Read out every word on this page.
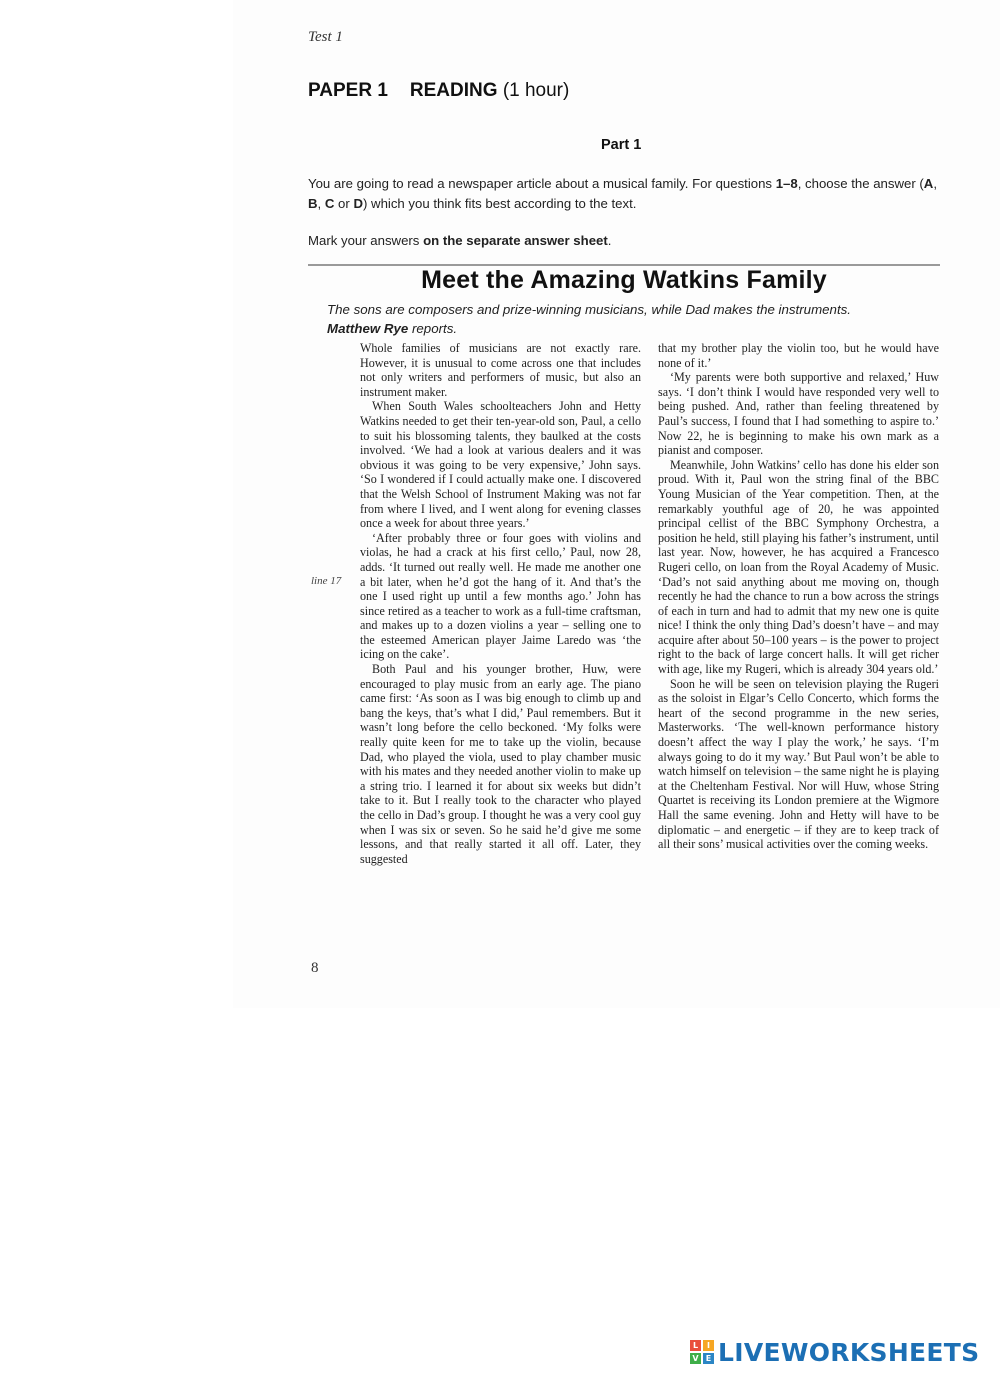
Test 1
PAPER 1 READING (1 hour)
Part 1
You are going to read a newspaper article about a musical family. For questions 1–8, choose the answer (A, B, C or D) which you think fits best according to the text.
Mark your answers on the separate answer sheet.
Meet the Amazing Watkins Family
The sons are composers and prize-winning musicians, while Dad makes the instruments.
Matthew Rye reports.
line 17

Whole families of musicians are not exactly rare. However, it is unusual to come across one that includes not only writers and performers of music, but also an instrument maker.

When South Wales schoolteachers John and Hetty Watkins needed to get their ten-year-old son, Paul, a cello to suit his blossoming talents, they baulked at the costs involved. ‘We had a look at various dealers and it was obvious it was going to be very expensive,’ John says. ‘So I wondered if I could actually make one. I discovered that the Welsh School of Instrument Making was not far from where I lived, and I went along for evening classes once a week for about three years.’

‘After probably three or four goes with violins and violas, he had a crack at his first cello,’ Paul, now 28, adds. ‘It turned out really well. He made me another one a bit later, when he’d got the hang of it. And that’s the one I used right up until a few months ago.’ John has since retired as a teacher to work as a full-time craftsman, and makes up to a dozen violins a year – selling one to the esteemed American player Jaime Laredo was ‘the icing on the cake’.

Both Paul and his younger brother, Huw, were encouraged to play music from an early age. The piano came first: ‘As soon as I was big enough to climb up and bang the keys, that’s what I did,’ Paul remembers. But it wasn’t long before the cello beckoned. ‘My folks were really quite keen for me to take up the violin, because Dad, who played the viola, used to play chamber music with his mates and they needed another violin to make up a string trio. I learned it for about six weeks but didn’t take to it. But I really took to the character who played the cello in Dad’s group. I thought he was a very cool guy when I was six or seven. So he said he’d give me some lessons, and that really started it all off. Later, they suggested

that my brother play the violin too, but he would have none of it.’

‘My parents were both supportive and relaxed,’ Huw says. ‘I don’t think I would have responded very well to being pushed. And, rather than feeling threatened by Paul’s success, I found that I had something to aspire to.’ Now 22, he is beginning to make his own mark as a pianist and composer.

Meanwhile, John Watkins’ cello has done his elder son proud. With it, Paul won the string final of the BBC Young Musician of the Year competition. Then, at the remarkably youthful age of 20, he was appointed principal cellist of the BBC Symphony Orchestra, a position he held, still playing his father’s instrument, until last year. Now, however, he has acquired a Francesco Rugeri cello, on loan from the Royal Academy of Music. ‘Dad’s not said anything about me moving on, though recently he had the chance to run a bow across the strings of each in turn and had to admit that my new one is quite nice! I think the only thing Dad’s doesn’t have – and may acquire after about 50–100 years – is the power to project right to the back of large concert halls. It will get richer with age, like my Rugeri, which is already 304 years old.’

Soon he will be seen on television playing the Rugeri as the soloist in Elgar’s Cello Concerto, which forms the heart of the second programme in the new series, Masterworks. ‘The well-known performance history doesn’t affect the way I play the work,’ he says. ‘I’m always going to do it my way.’ But Paul won’t be able to watch himself on television – the same night he is playing at the Cheltenham Festival. Nor will Huw, whose String Quartet is receiving its London premiere at the Wigmore Hall the same evening. John and Hetty will have to be diplomatic – and energetic – if they are to keep track of all their sons’ musical activities over the coming weeks.

8
L	I
V E LIVEWORKSHEETS
